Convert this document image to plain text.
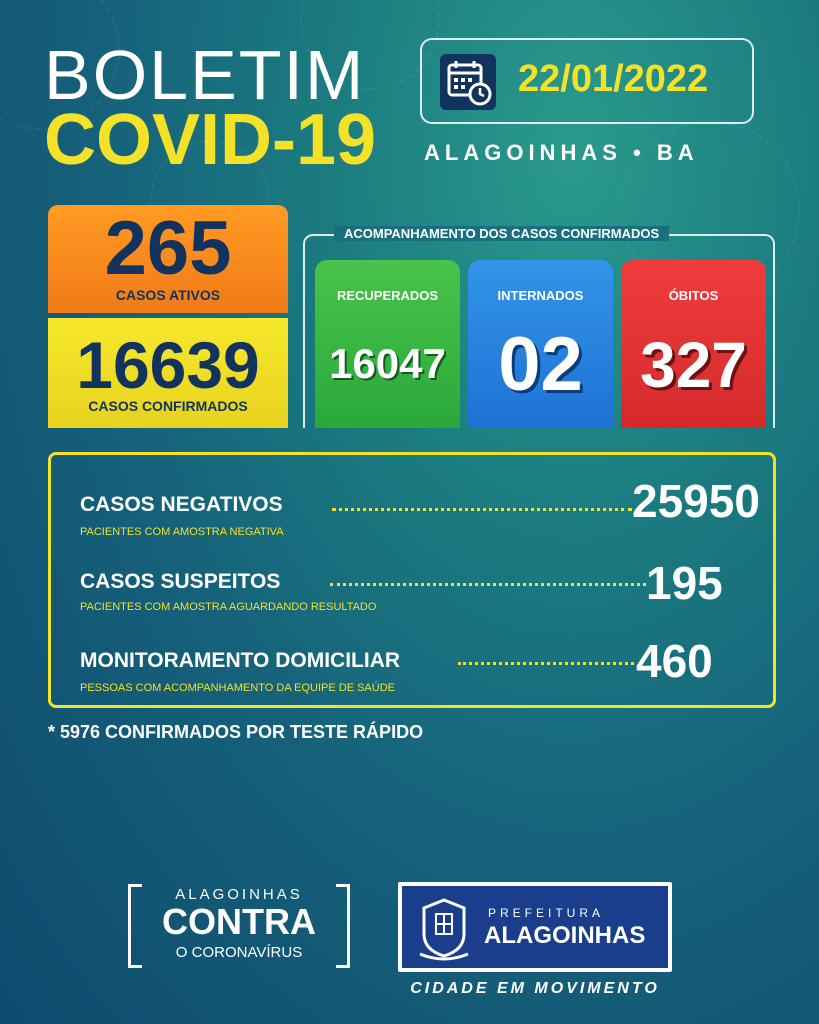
BOLETIM
COVID-19
22/01/2022
ALAGOINHAS • BA
265
CASOS ATIVOS
16639
CASOS CONFIRMADOS
ACOMPANHAMENTO DOS CASOS CONFIRMADOS
RECUPERADOS
16047
INTERNADOS
02
ÓBITOS
327
CASOS NEGATIVOS
PACIENTES COM AMOSTRA NEGATIVA
25950
CASOS SUSPEITOS
PACIENTES COM AMOSTRA AGUARDANDO RESULTADO	195
MONITORAMENTO DOMICILIAR
PESSOAS COM ACOMPANHAMENTO DA EQUIPE DE SAÚDE
460
* 5976 CONFIRMADOS POR TESTE RÁPIDO
ALAGOINHAS
CONTRA
O CORONAVÍRUS
PREFEITURA
ALAGOINHAS
CIDADE EM MOVIMENTO
